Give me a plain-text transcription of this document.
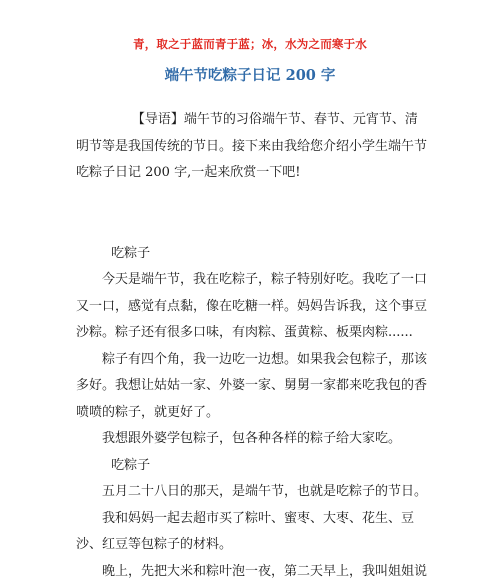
青，取之于蓝而青于蓝；冰，水为之而寒于水
端午节吃粽子日记 200 字

【导语】端午节的习俗端午节、春节、元宵节、清明节等是我国传统的节日。接下来由我给您介绍小学生端午节吃粽子日记 200 字,一起来欣赏一下吧!

吃粽子

今天是端午节，我在吃粽子，粽子特别好吃。我吃了一口又一口，感觉有点黏，像在吃糖一样。妈妈告诉我，这个事豆沙粽。粽子还有很多口味，有肉粽、蛋黄粽、板栗肉粽......

粽子有四个角，我一边吃一边想。如果我会包粽子，那该多好。我想让姑姑一家、外婆一家、舅舅一家都来吃我包的香喷喷的粽子，就更好了。

我想跟外婆学包粽子，包各种各样的粽子给大家吃。

吃粽子

五月二十八日的那天，是端午节，也就是吃粽子的节日。

我和妈妈一起去超市买了粽叶、蜜枣、大枣、花生、豆沙、红豆等包粽子的材料。

晚上，先把大米和粽叶泡一夜，第二天早上，我叫姐姐说
